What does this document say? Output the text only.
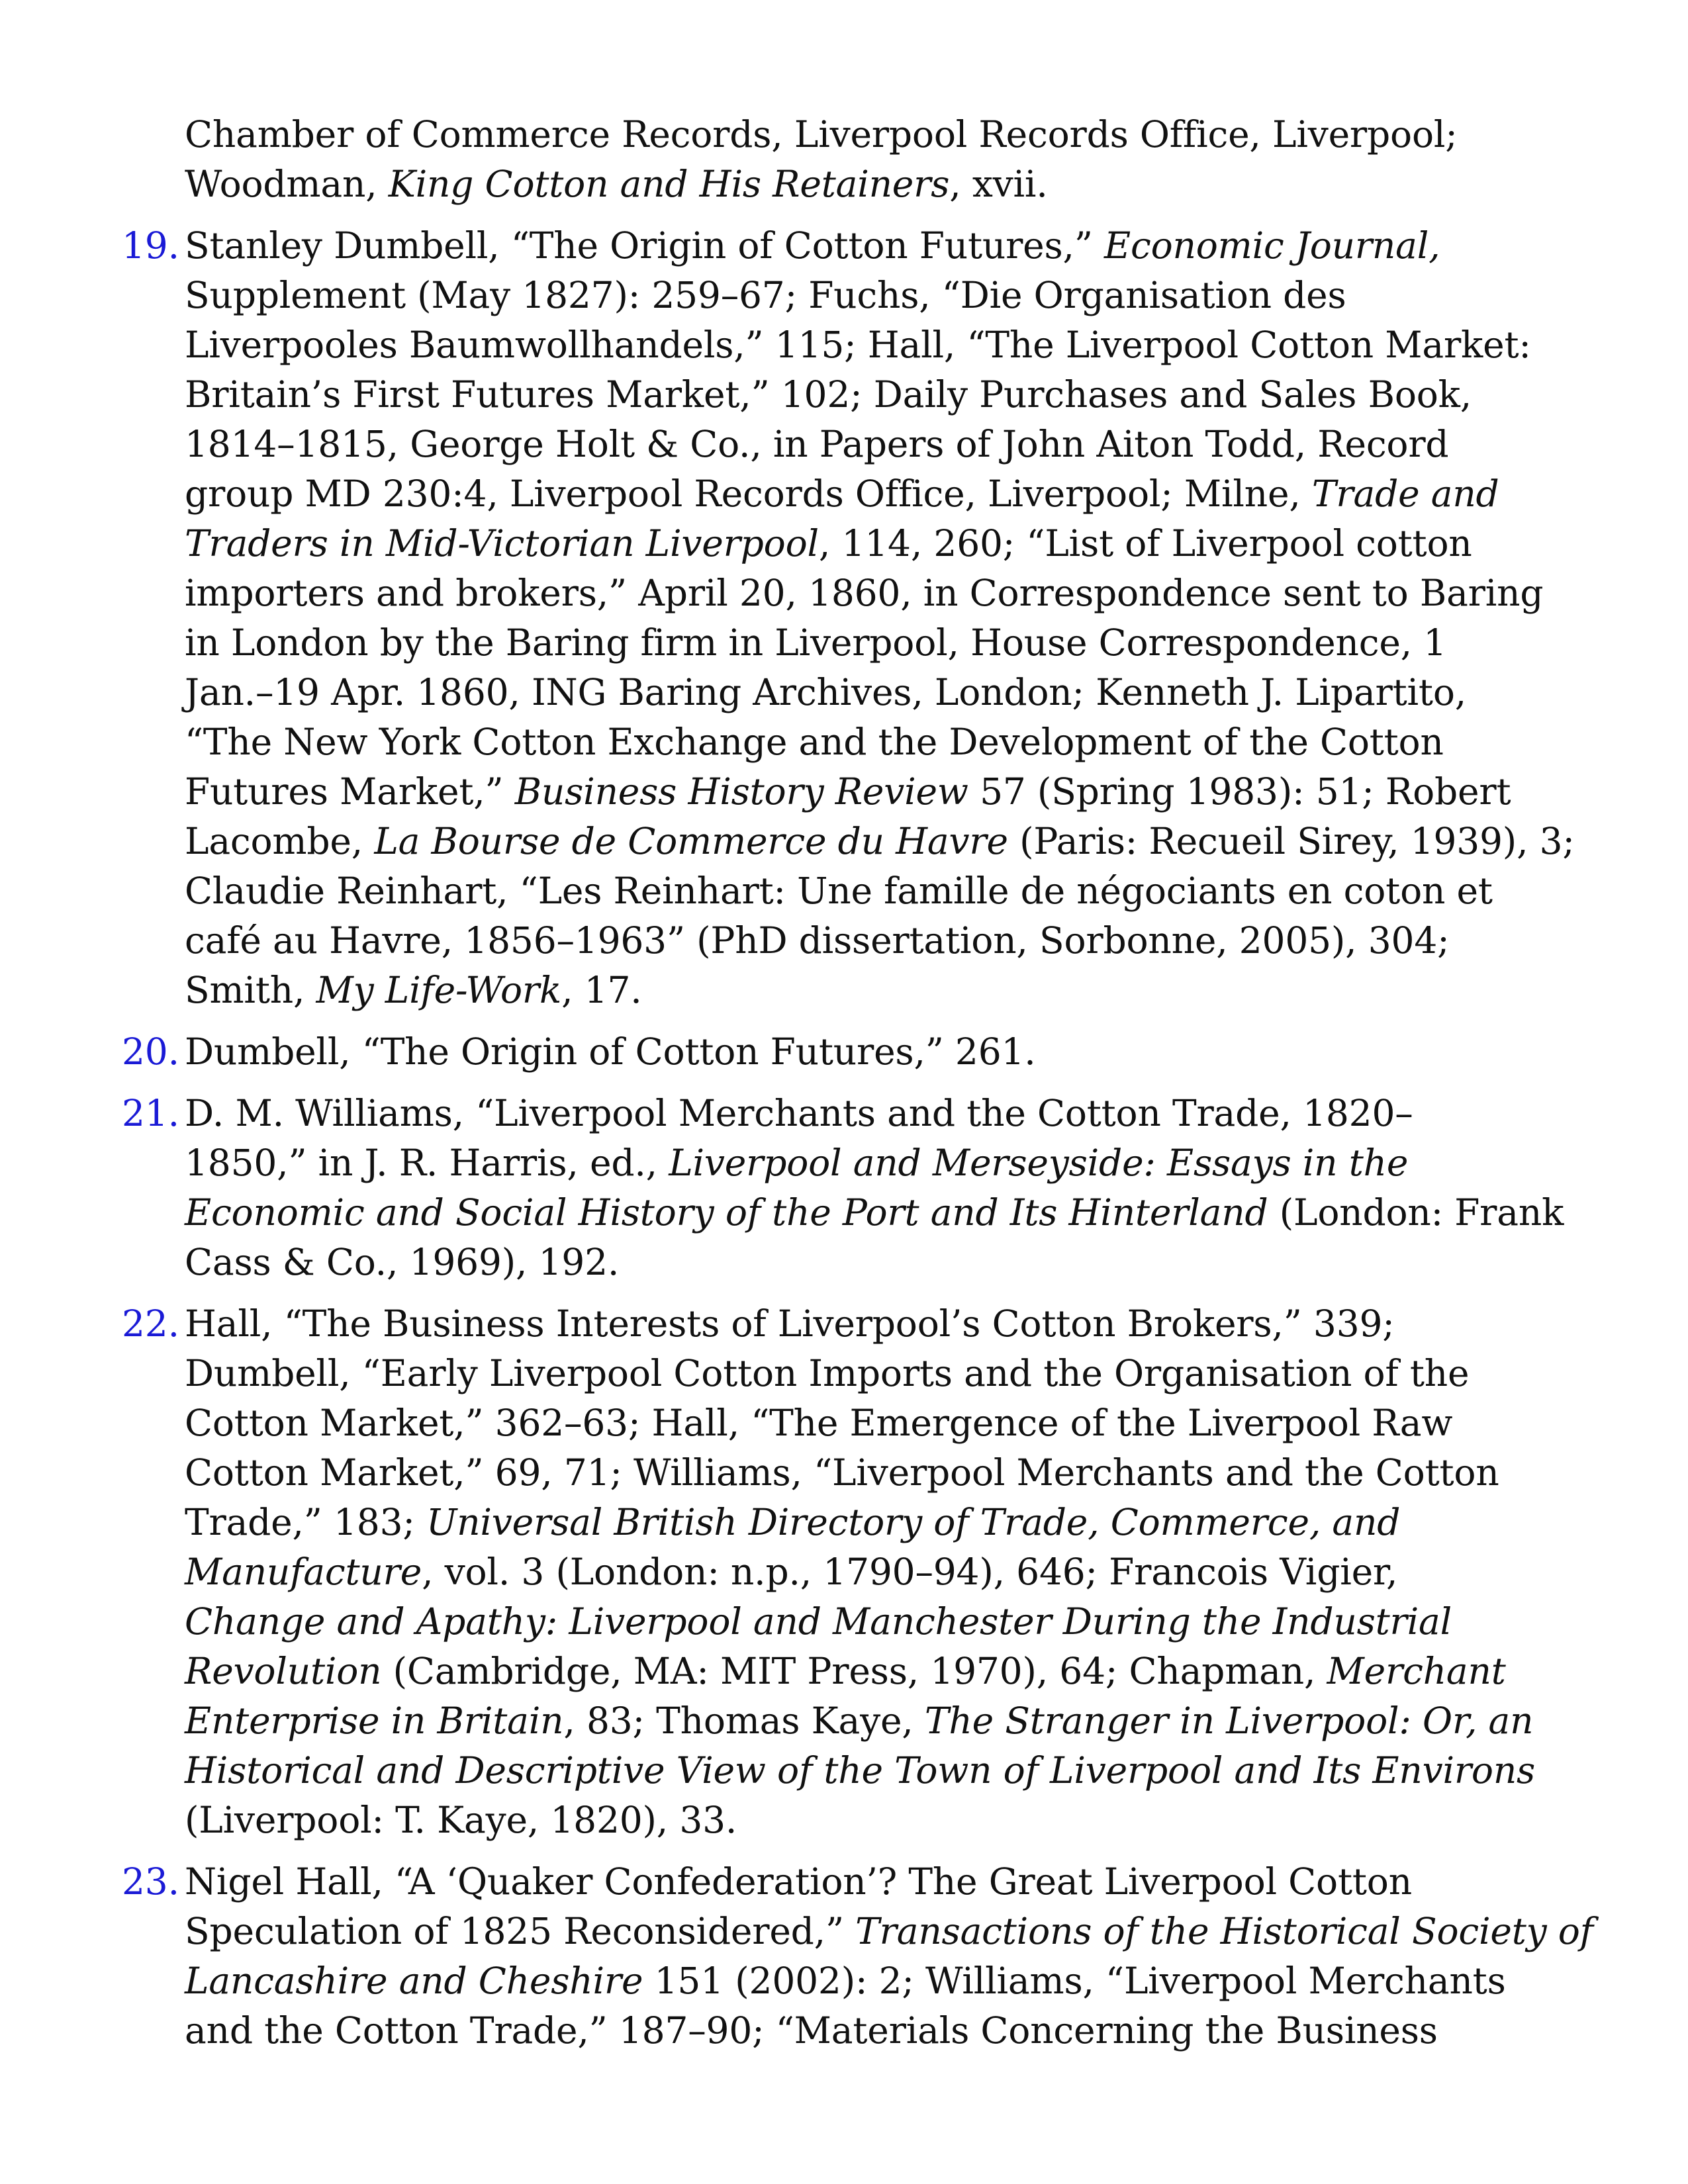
Chamber of Commerce Records, Liverpool Records Office, Liverpool;
Woodman, King Cotton and His Retainers, xvii.
19. Stanley Dumbell, “The Origin of Cotton Futures,” Economic Journal,
Supplement (May 1827): 259–67; Fuchs, “Die Organisation des
Liverpooles Baumwollhandels,” 115; Hall, “The Liverpool Cotton Market:
Britain’s First Futures Market,” 102; Daily Purchases and Sales Book,
1814–1815, George Holt & Co., in Papers of John Aiton Todd, Record
group MD 230:4, Liverpool Records Office, Liverpool; Milne, Trade and
Traders in Mid-Victorian Liverpool, 114, 260; “List of Liverpool cotton
importers and brokers,” April 20, 1860, in Correspondence sent to Baring
in London by the Baring firm in Liverpool, House Correspondence, 1
Jan.–19 Apr. 1860, ING Baring Archives, London; Kenneth J. Lipartito,
“The New York Cotton Exchange and the Development of the Cotton
Futures Market,” Business History Review 57 (Spring 1983): 51; Robert
Lacombe, La Bourse de Commerce du Havre (Paris: Recueil Sirey, 1939), 3;
Claudie Reinhart, “Les Reinhart: Une famille de négociants en coton et
café au Havre, 1856–1963” (PhD dissertation, Sorbonne, 2005), 304;
Smith, My Life-Work, 17.
20. Dumbell, “The Origin of Cotton Futures,” 261.
21. D. M. Williams, “Liverpool Merchants and the Cotton Trade, 1820–
1850,” in J. R. Harris, ed., Liverpool and Merseyside: Essays in the
Economic and Social History of the Port and Its Hinterland (London: Frank
Cass & Co., 1969), 192.
22. Hall, “The Business Interests of Liverpool’s Cotton Brokers,” 339;
Dumbell, “Early Liverpool Cotton Imports and the Organisation of the
Cotton Market,” 362–63; Hall, “The Emergence of the Liverpool Raw
Cotton Market,” 69, 71; Williams, “Liverpool Merchants and the Cotton
Trade,” 183; Universal British Directory of Trade, Commerce, and
Manufacture, vol. 3 (London: n.p., 1790–94), 646; Francois Vigier,
Change and Apathy: Liverpool and Manchester During the Industrial
Revolution (Cambridge, MA: MIT Press, 1970), 64; Chapman, Merchant
Enterprise in Britain, 83; Thomas Kaye, The Stranger in Liverpool: Or, an
Historical and Descriptive View of the Town of Liverpool and Its Environs
(Liverpool: T. Kaye, 1820), 33.
23. Nigel Hall, “A ‘Quaker Confederation’? The Great Liverpool Cotton
Speculation of 1825 Reconsidered,” Transactions of the Historical Society of
Lancashire and Cheshire 151 (2002): 2; Williams, “Liverpool Merchants
and the Cotton Trade,” 187–90; “Materials Concerning the Business
